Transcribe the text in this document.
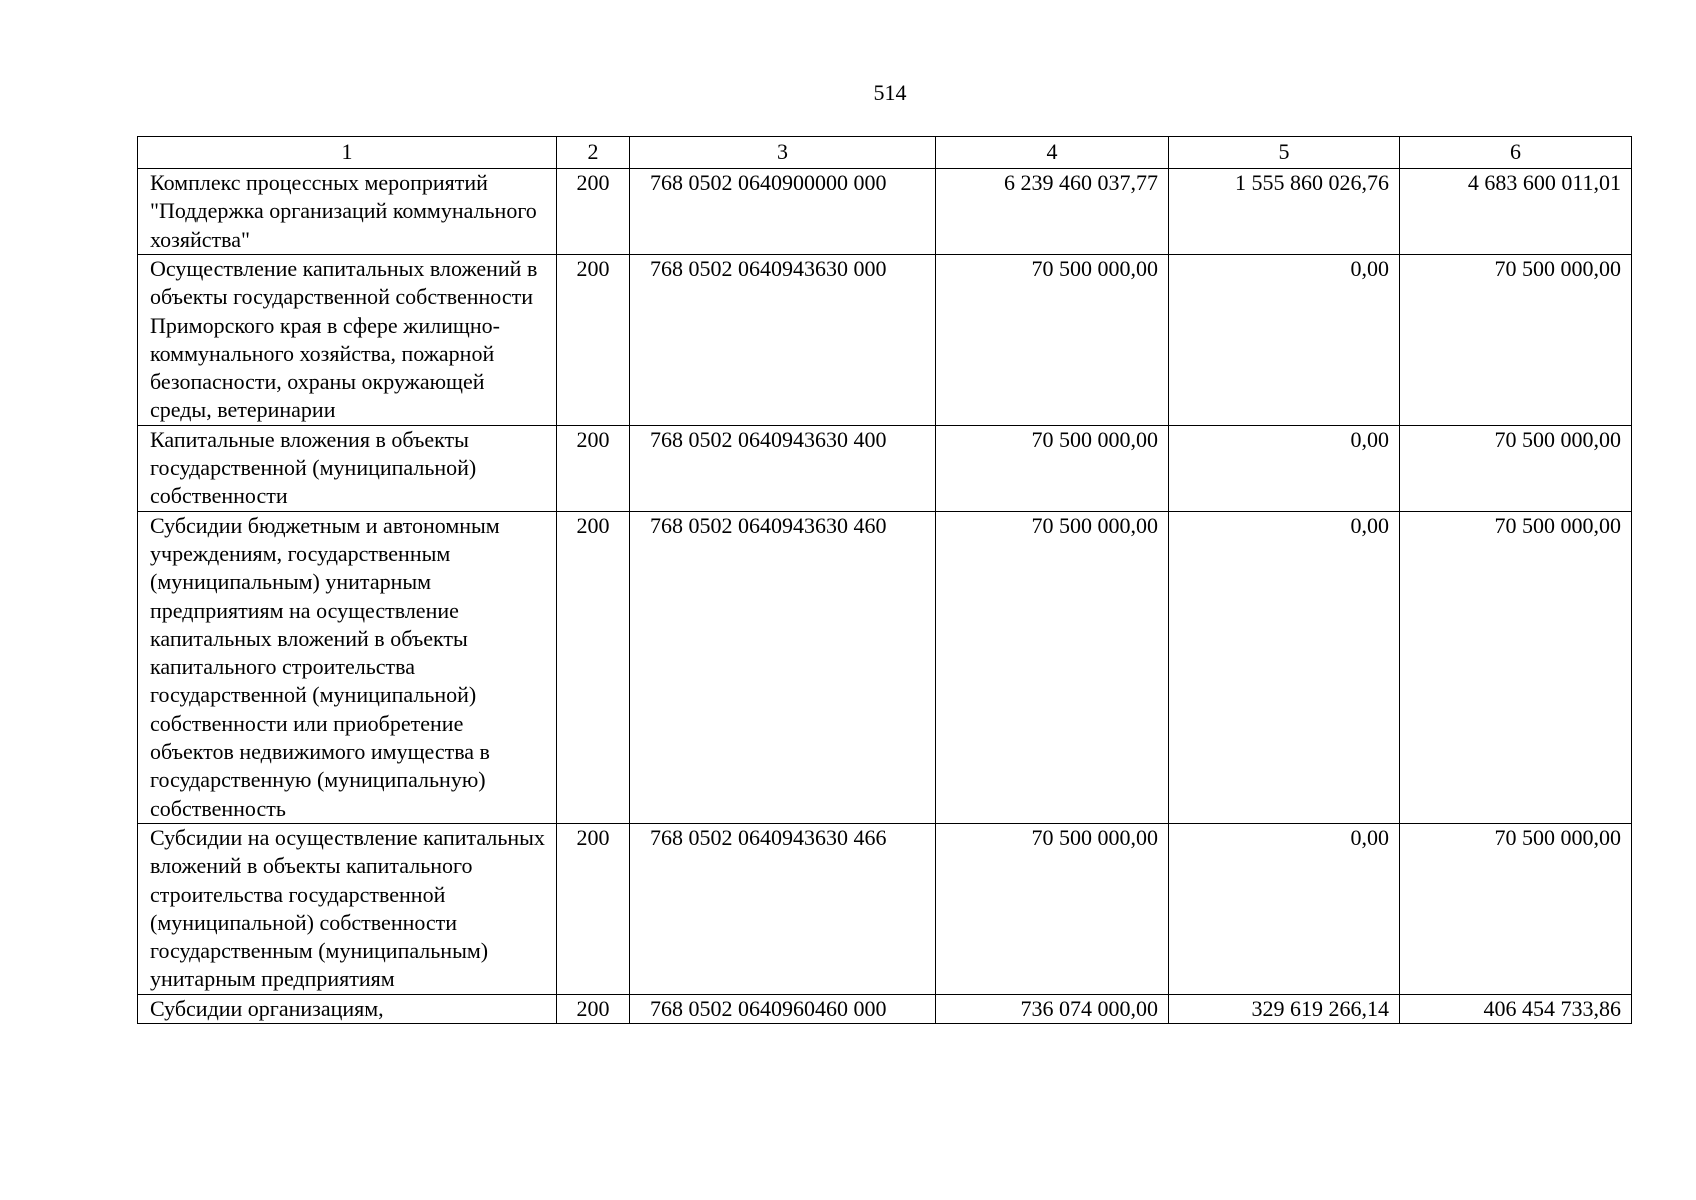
514
1	2	3	4	5	6
Комплекс процессных мероприятий "Поддержка организаций коммунального хозяйства"	200	768 0502 0640900000 000	6 239 460 037,77	1 555 860 026,76	4 683 600 011,01
Осуществление капитальных вложений в объекты государственной собственности Приморского края в сфере жилищно-коммунального хозяйства, пожарной безопасности, охраны окружающей среды, ветеринарии	200	768 0502 0640943630 000	70 500 000,00	0,00	70 500 000,00
Капитальные вложения в объекты государственной (муниципальной) собственности	200	768 0502 0640943630 400	70 500 000,00	0,00	70 500 000,00
Субсидии бюджетным и автономным учреждениям, государственным (муниципальным) унитарным предприятиям на осуществление капитальных вложений в объекты капитального строительства государственной (муниципальной) собственности или приобретение объектов недвижимого имущества в государственную (муниципальную) собственность	200	768 0502 0640943630 460	70 500 000,00	0,00	70 500 000,00
Субсидии на осуществление капитальных вложений в объекты капитального строительства государственной (муниципальной) собственности государственным (муниципальным) унитарным предприятиям	200	768 0502 0640943630 466	70 500 000,00	0,00	70 500 000,00
Субсидии организациям,	200	768 0502 0640960460 000	736 074 000,00	329 619 266,14	406 454 733,86
